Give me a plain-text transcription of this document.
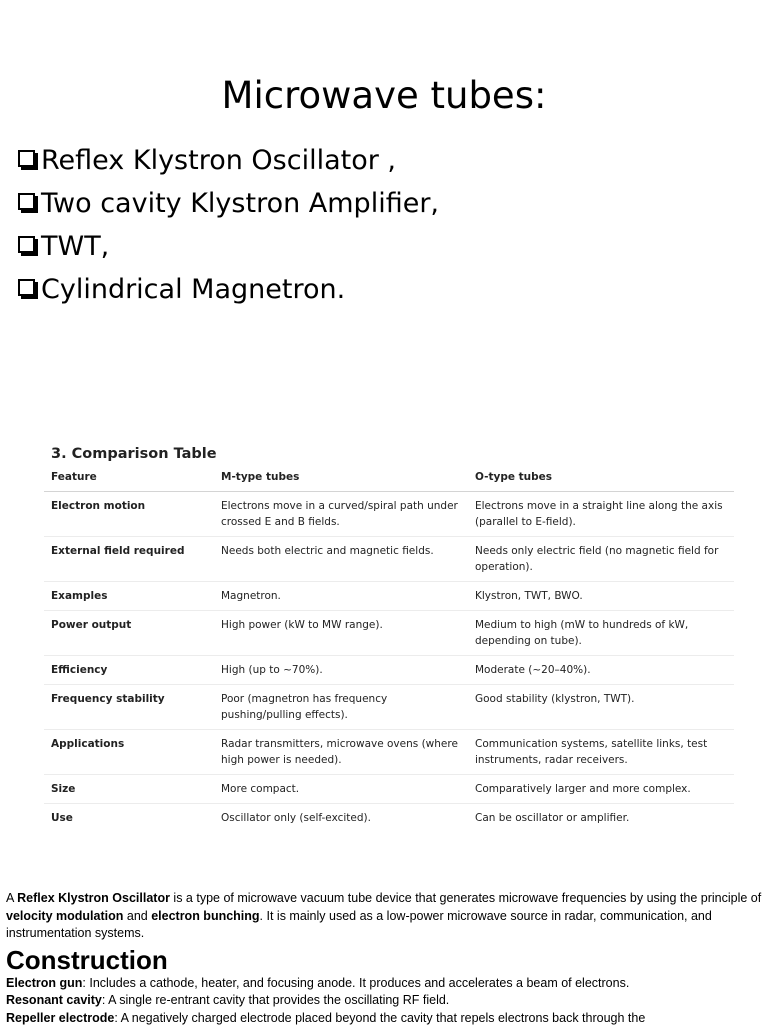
Microwave tubes:
Reflex Klystron Oscillator ,
Two cavity Klystron Amplifier,
TWT,
Cylindrical Magnetron.
3. Comparison Table
Feature	M-type tubes	O-type tubes
Electron motion	Electrons move in a curved/spiral path under crossed E and B fields.	Electrons move in a straight line along the axis (parallel to E-field).
External field required	Needs both electric and magnetic fields.	Needs only electric field (no magnetic field for operation).
Examples	Magnetron.	Klystron, TWT, BWO.
Power output	High power (kW to MW range).	Medium to high (mW to hundreds of kW, depending on tube).
Efficiency	High (up to ~70%).	Moderate (~20–40%).
Frequency stability	Poor (magnetron has frequency pushing/pulling effects).	Good stability (klystron, TWT).
Applications	Radar transmitters, microwave ovens (where high power is needed).	Communication systems, satellite links, test instruments, radar receivers.
Size	More compact.	Comparatively larger and more complex.
Use	Oscillator only (self-excited).	Can be oscillator or amplifier.

A Reflex Klystron Oscillator is a type of microwave vacuum tube device that generates microwave frequencies by using the principle of velocity modulation and electron bunching. It is mainly used as a low-power microwave source in radar, communication, and instrumentation systems.

Construction
Electron gun: Includes a cathode, heater, and focusing anode. It produces and accelerates a beam of electrons.
Resonant cavity: A single re-entrant cavity that provides the oscillating RF field.
Repeller electrode: A negatively charged electrode placed beyond the cavity that repels electrons back through the
